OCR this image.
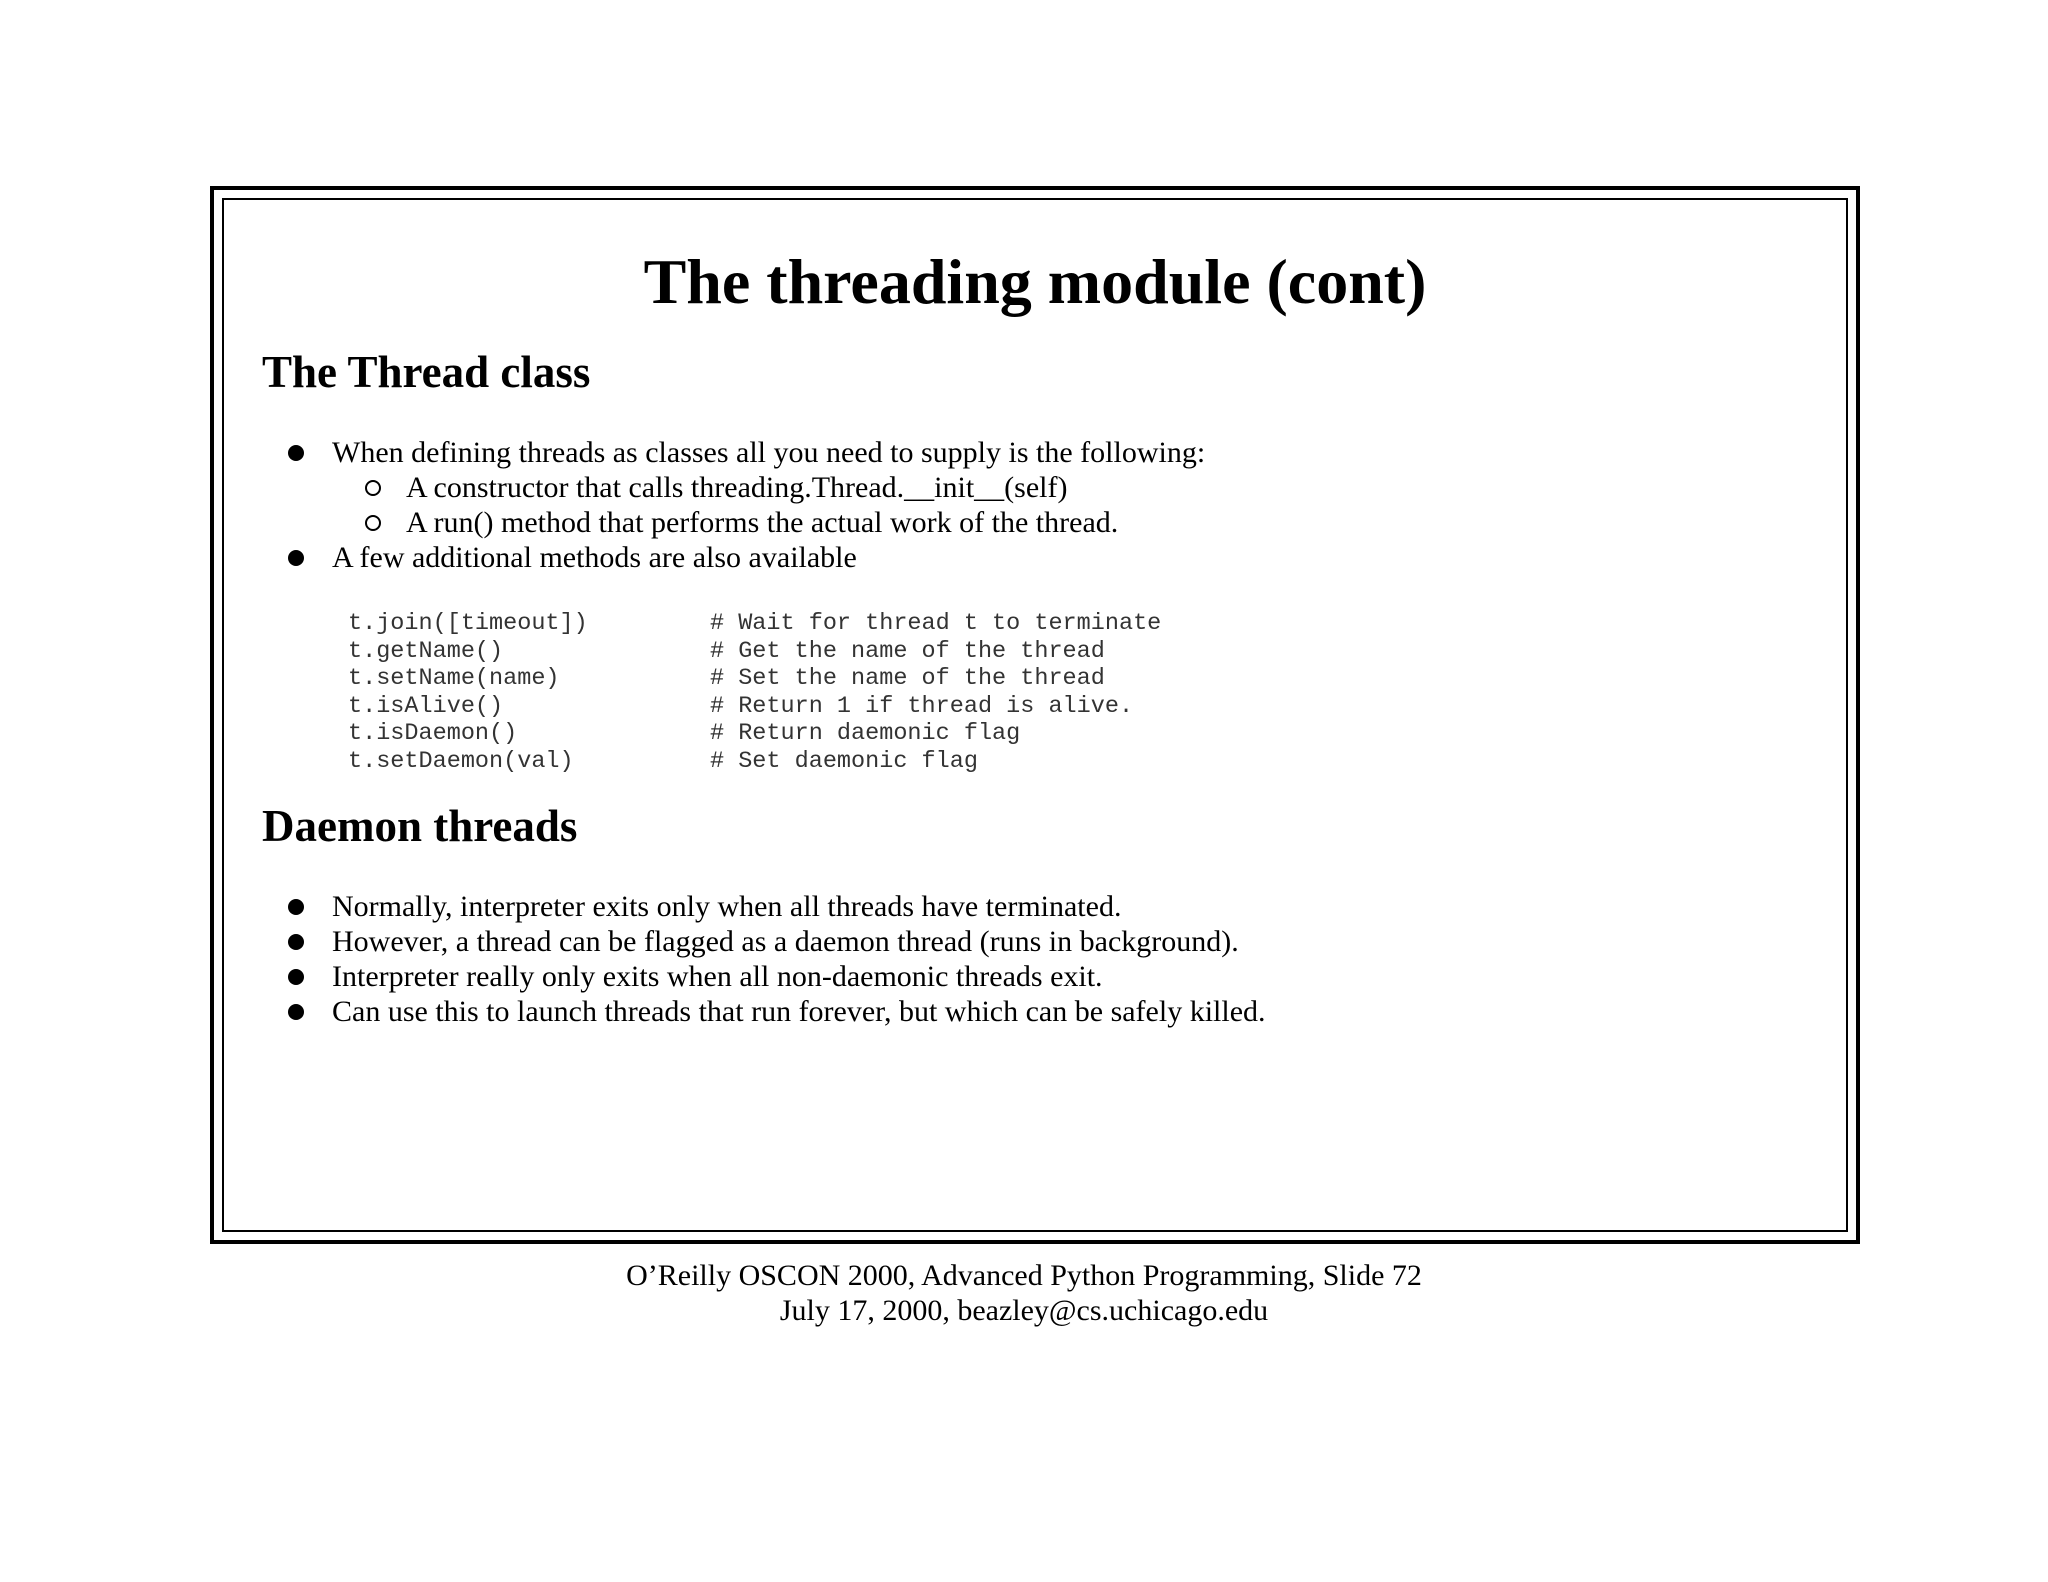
The threading module (cont)
The Thread class
When defining threads as classes all you need to supply is the following:
A constructor that calls threading.Thread.__init__(self)
A run() method that performs the actual work of the thread.
A few additional methods are also available
t.join([timeout])	# Wait for thread t to terminate
t.getName()	# Get the name of the thread
t.setName(name)	# Set the name of the thread
t.isAlive()	# Return 1 if thread is alive.
t.isDaemon()	# Return daemonic flag
t.setDaemon(val)	# Set daemonic flag
Daemon threads
Normally, interpreter exits only when all threads have terminated.
However, a thread can be flagged as a daemon thread (runs in background).
Interpreter really only exits when all non-daemonic threads exit.
Can use this to launch threads that run forever, but which can be safely killed.
O’Reilly OSCON 2000, Advanced Python Programming, Slide 72
July 17, 2000, beazley@cs.uchicago.edu
